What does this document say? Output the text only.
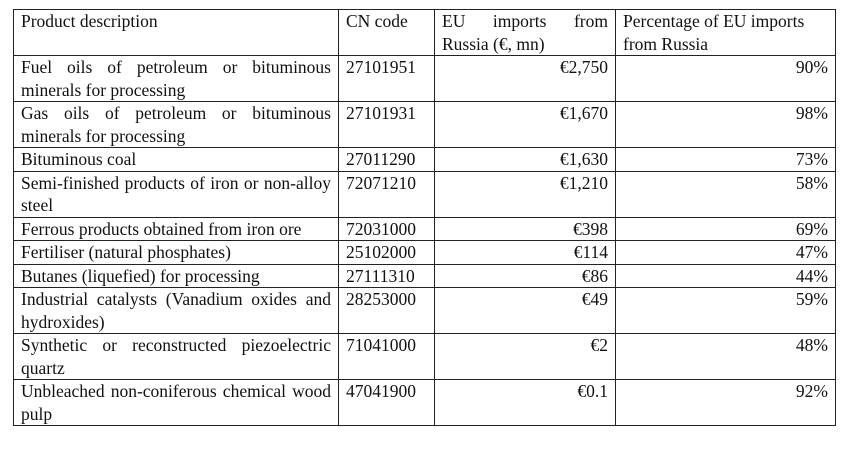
Product description	CN code	EU imports from Russia (€, mn)	Percentage of EU imports from Russia
Fuel oils of petroleum or bituminous minerals for processing	27101951	€2,750	90%
Gas oils of petroleum or bituminous minerals for processing	27101931	€1,670	98%
Bituminous coal	27011290	€1,630	73%
Semi-finished products of iron or non-alloy steel	72071210	€1,210	58%
Ferrous products obtained from iron ore	72031000	€398	69%
Fertiliser (natural phosphates)	25102000	€114	47%
Butanes (liquefied) for processing	27111310	€86	44%
Industrial catalysts (Vanadium oxides and hydroxides)	28253000	€49	59%
Synthetic or reconstructed piezoelectric quartz	71041000	€2	48%
Unbleached non-coniferous chemical wood pulp	47041900	€0.1	92%
